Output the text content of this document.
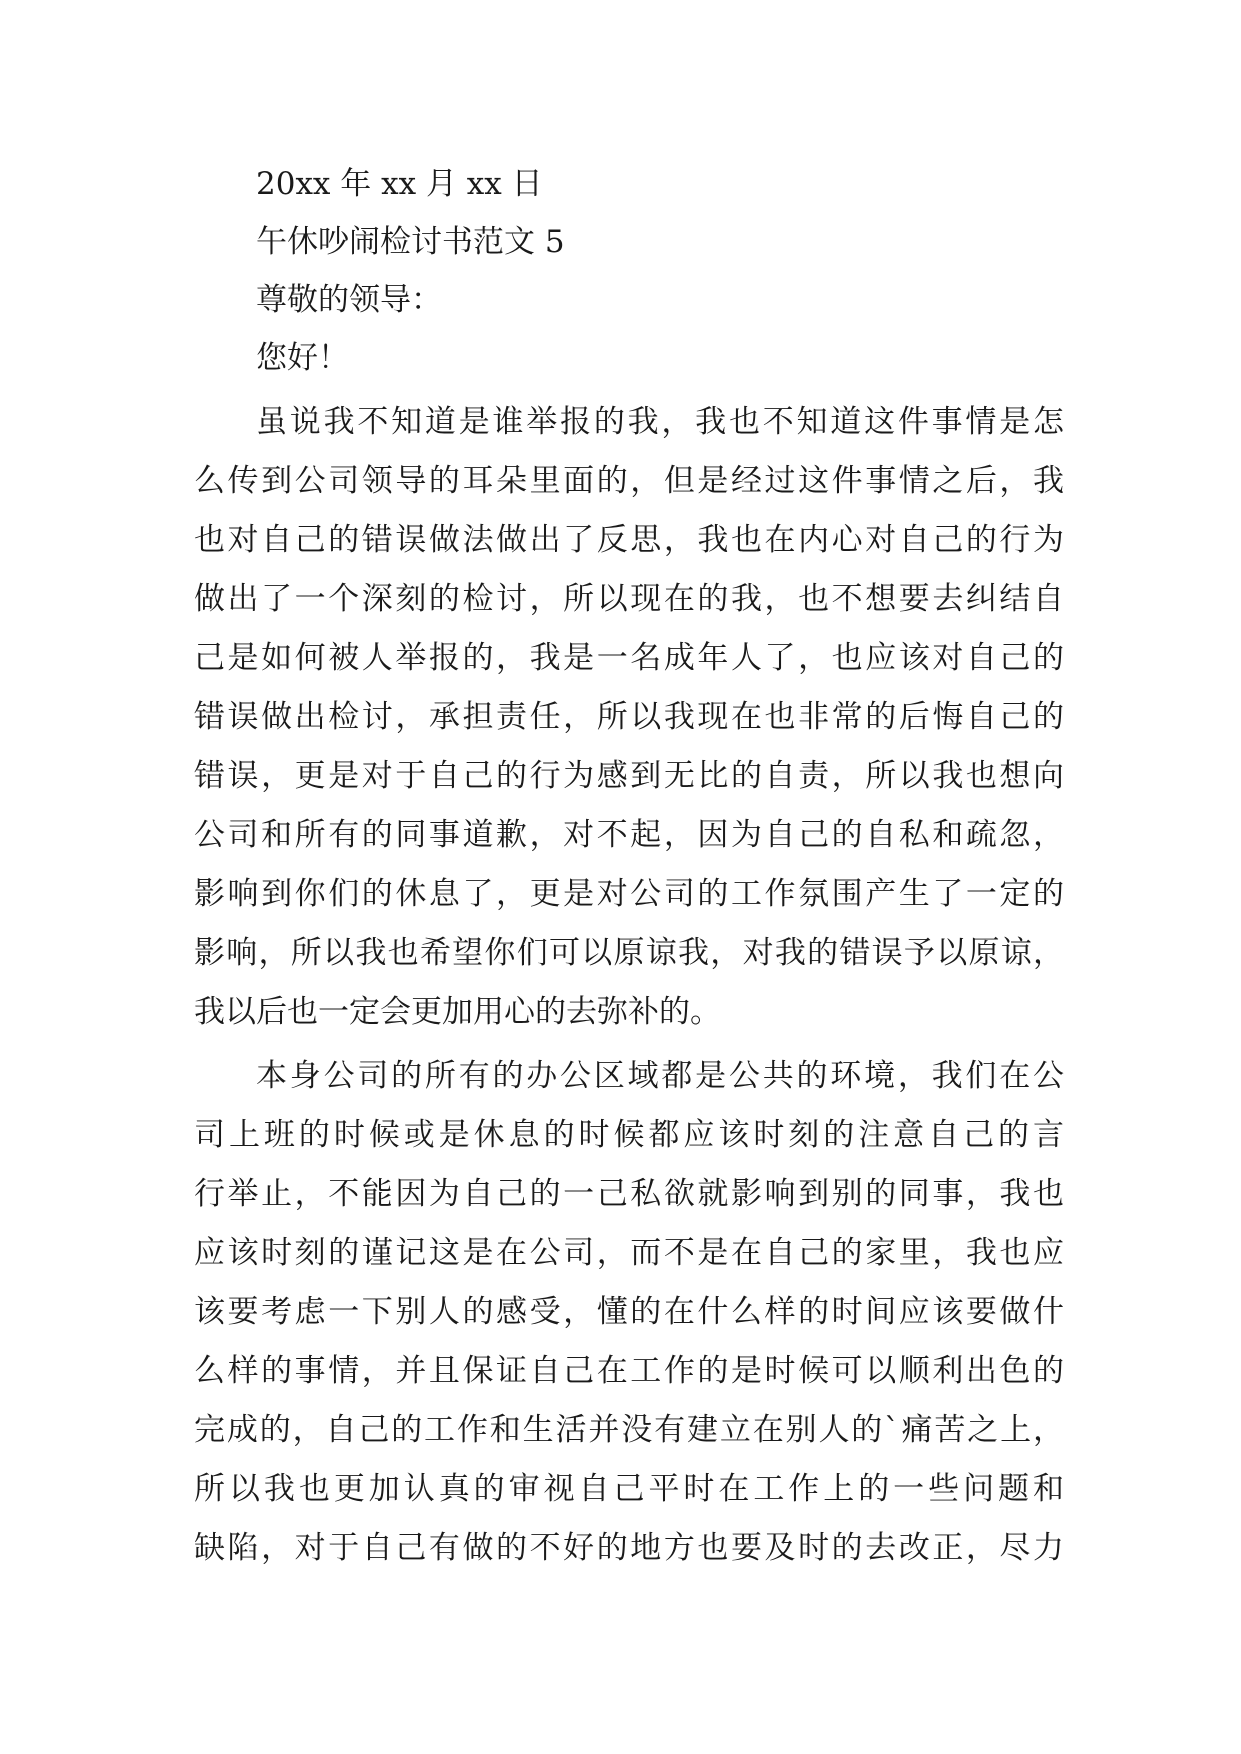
20xx 年 xx 月 xx 日
午休吵闹检讨书范文 5
尊敬的领导：
您好！
虽说我不知道是谁举报的我，我也不知道这件事情是怎
么传到公司领导的耳朵里面的，但是经过这件事情之后，我
也对自己的错误做法做出了反思，我也在内心对自己的行为
做出了一个深刻的检讨，所以现在的我，也不想要去纠结自
己是如何被人举报的，我是一名成年人了，也应该对自己的
错误做出检讨，承担责任，所以我现在也非常的后悔自己的
错误，更是对于自己的行为感到无比的自责，所以我也想向
公司和所有的同事道歉，对不起，因为自己的自私和疏忽，
影响到你们的休息了，更是对公司的工作氛围产生了一定的
影响，所以我也希望你们可以原谅我，对我的错误予以原谅，
我以后也一定会更加用心的去弥补的。
本身公司的所有的办公区域都是公共的环境，我们在公
司上班的时候或是休息的时候都应该时刻的注意自己的言
行举止，不能因为自己的一己私欲就影响到别的同事，我也
应该时刻的谨记这是在公司，而不是在自己的家里，我也应
该要考虑一下别人的感受，懂的在什么样的时间应该要做什
么样的事情，并且保证自己在工作的是时候可以顺利出色的
完成的，自己的工作和生活并没有建立在别人的`痛苦之上，
所以我也更加认真的审视自己平时在工作上的一些问题和
缺陷，对于自己有做的不好的地方也要及时的去改正，尽力
